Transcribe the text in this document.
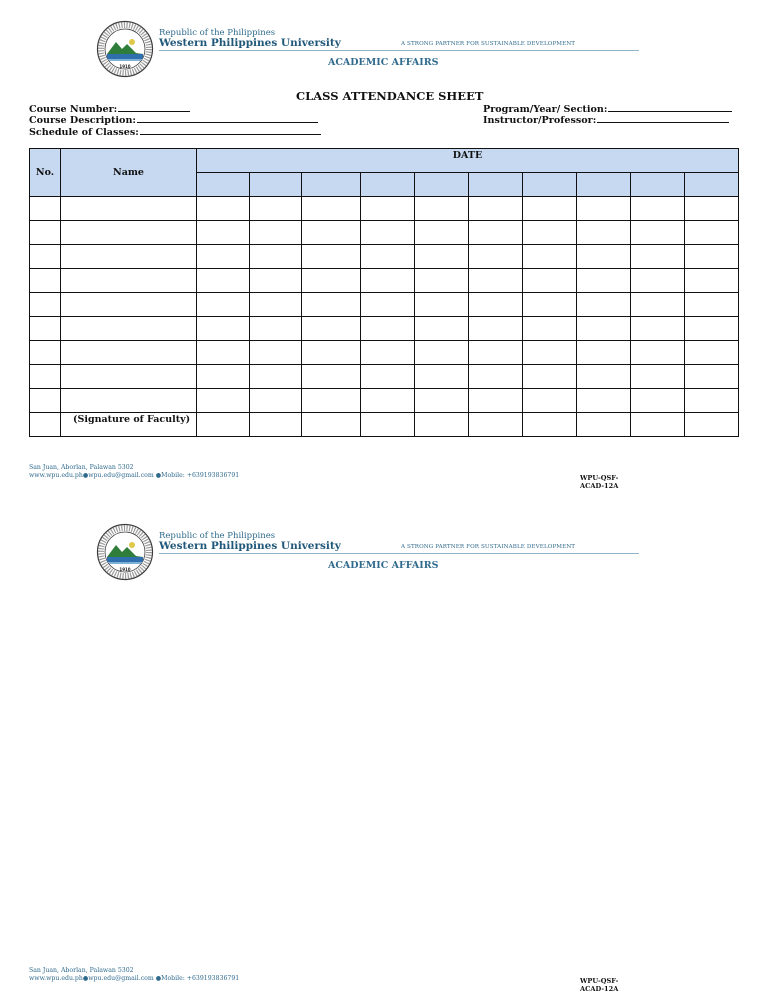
1910
Republic of the Philippines
Western Philippines University	A STRONG PARTNER FOR SUSTAINABLE DEVELOPMENT
ACADEMIC AFFAIRS
CLASS ATTENDANCE SHEET
Course Number:
Course Description:
Schedule of Classes:
Program/Year/ Section:
Instructor/Professor:
No.	Name	DATE									

	(Signature of Faculty)										
San Juan, Aborlan, Palawan 5302
www.wpu.edu.ph●wpu.edu@gmail.com ●Mobile: +639193836791	WPU-QSF-
ACAD-12A
1910
Republic of the Philippines
Western Philippines University	A STRONG PARTNER FOR SUSTAINABLE DEVELOPMENT
ACADEMIC AFFAIRS
San Juan, Aborlan, Palawan 5302
www.wpu.edu.ph●wpu.edu@gmail.com ●Mobile: +639193836791	WPU-QSF-
ACAD-12A
